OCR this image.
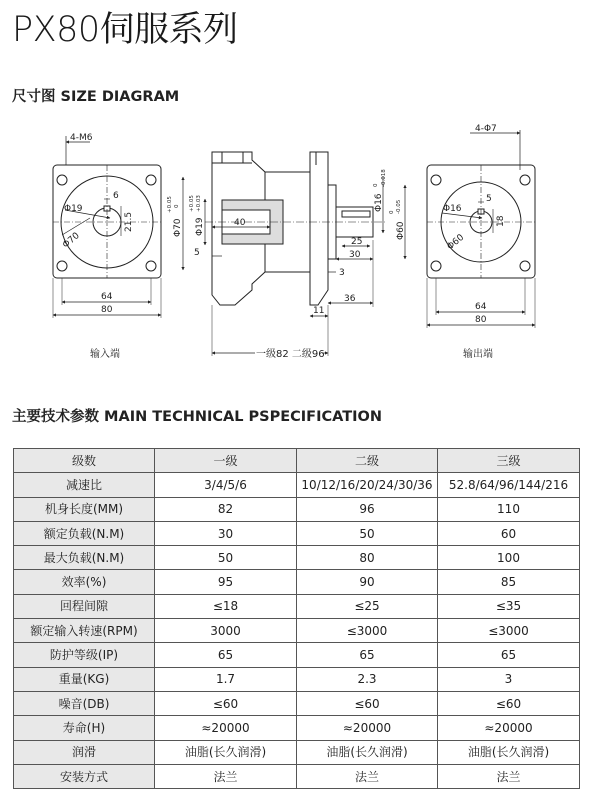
PX80伺服系列
尺寸图 SIZE DIAGRAM
4-M6
Φ19
Φ70
6
21.5
64
80
输入端
Φ70
+0.05 0
Φ19
+0.05 +0.03
40
5
Φ16
0 -0.018
Φ60
0 -0.05
25
30
3
36
11
一级82 二级96
4-Φ7
Φ16
Φ60
5
18
64
80
输出端
主要技术参数 MAIN TECHNICAL PSPECIFICATION
级数	一级	二级	三级
减速比	3/4/5/6	10/12/16/20/24/30/36	52.8/64/96/144/216
机身长度(MM)	82	96	110
额定负载(N.M)	30	50	60
最大负载(N.M)	50	80	100
效率(%)	95	90	85
回程间隙	≤18	≤25	≤35
额定输入转速(RPM)	3000	≤3000	≤3000
防护等级(IP)	65	65	65
重量(KG)	1.7	2.3	3
噪音(DB)	≤60	≤60	≤60
寿命(H)	≈20000	≈20000	≈20000
润滑	油脂(长久润滑)	油脂(长久润滑)	油脂(长久润滑)
安装方式	法兰	法兰	法兰
